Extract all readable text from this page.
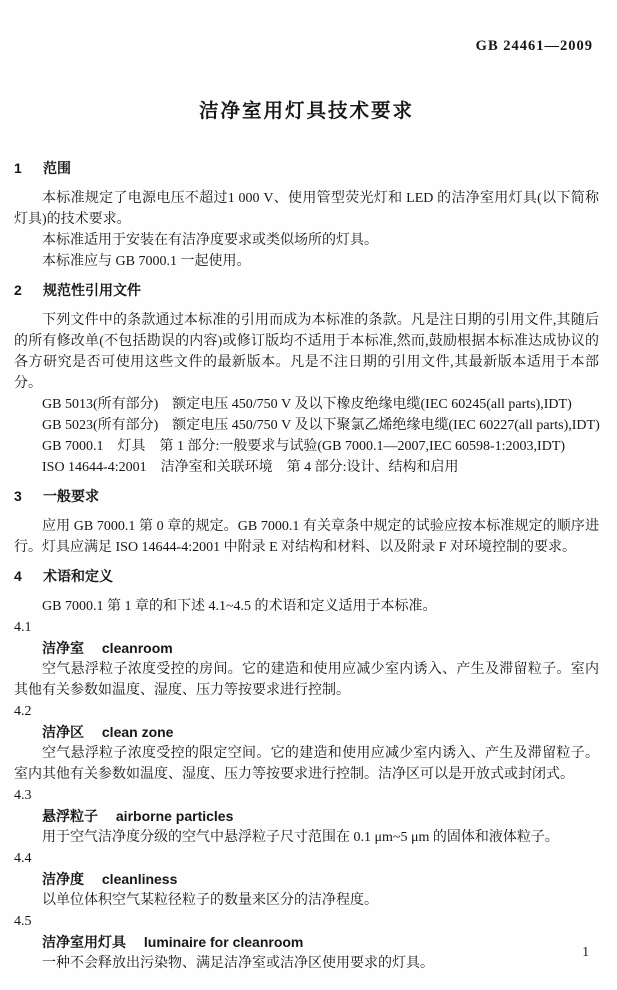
GB 24461—2009
洁净室用灯具技术要求
1	范围

本标准规定了电源电压不超过1 000 V、使用管型荧光灯和 LED 的洁净室用灯具(以下简称灯具)的技术要求。

本标准适用于安装在有洁净度要求或类似场所的灯具。

本标准应与 GB 7000.1 一起使用。

2	规范性引用文件

下列文件中的条款通过本标准的引用而成为本标准的条款。凡是注日期的引用文件,其随后的所有修改单(不包括勘误的内容)或修订版均不适用于本标准,然而,鼓励根据本标准达成协议的各方研究是否可使用这些文件的最新版本。凡是不注日期的引用文件,其最新版本适用于本部分。

GB 5013(所有部分)　额定电压 450/750 V 及以下橡皮绝缘电缆(IEC 60245(all parts),IDT)

GB 5023(所有部分)　额定电压 450/750 V 及以下聚氯乙烯绝缘电缆(IEC 60227(all parts),IDT)

GB 7000.1　灯具　第 1 部分:一般要求与试验(GB 7000.1—2007,IEC 60598-1:2003,IDT)

ISO 14644-4:2001　洁净室和关联环境　第 4 部分:设计、结构和启用

3	一般要求

应用 GB 7000.1 第 0 章的规定。GB 7000.1 有关章条中规定的试验应按本标准规定的顺序进行。灯具应满足 ISO 14644-4:2001 中附录 E 对结构和材料、以及附录 F 对环境控制的要求。

4	术语和定义

GB 7000.1 第 1 章的和下述 4.1~4.5 的术语和定义适用于本标准。

4.1

洁净室 cleanroom

空气悬浮粒子浓度受控的房间。它的建造和使用应减少室内诱入、产生及滞留粒子。室内其他有关参数如温度、湿度、压力等按要求进行控制。

4.2

洁净区 clean zone

空气悬浮粒子浓度受控的限定空间。它的建造和使用应减少室内诱入、产生及滞留粒子。室内其他有关参数如温度、湿度、压力等按要求进行控制。洁净区可以是开放式或封闭式。

4.3

悬浮粒子 airborne particles

用于空气洁净度分级的空气中悬浮粒子尺寸范围在 0.1 μm~5 μm 的固体和液体粒子。

4.4

洁净度 cleanliness

以单位体积空气某粒径粒子的数量来区分的洁净程度。

4.5

洁净室用灯具 luminaire for cleanroom

一种不会释放出污染物、满足洁净室或洁净区使用要求的灯具。

1
